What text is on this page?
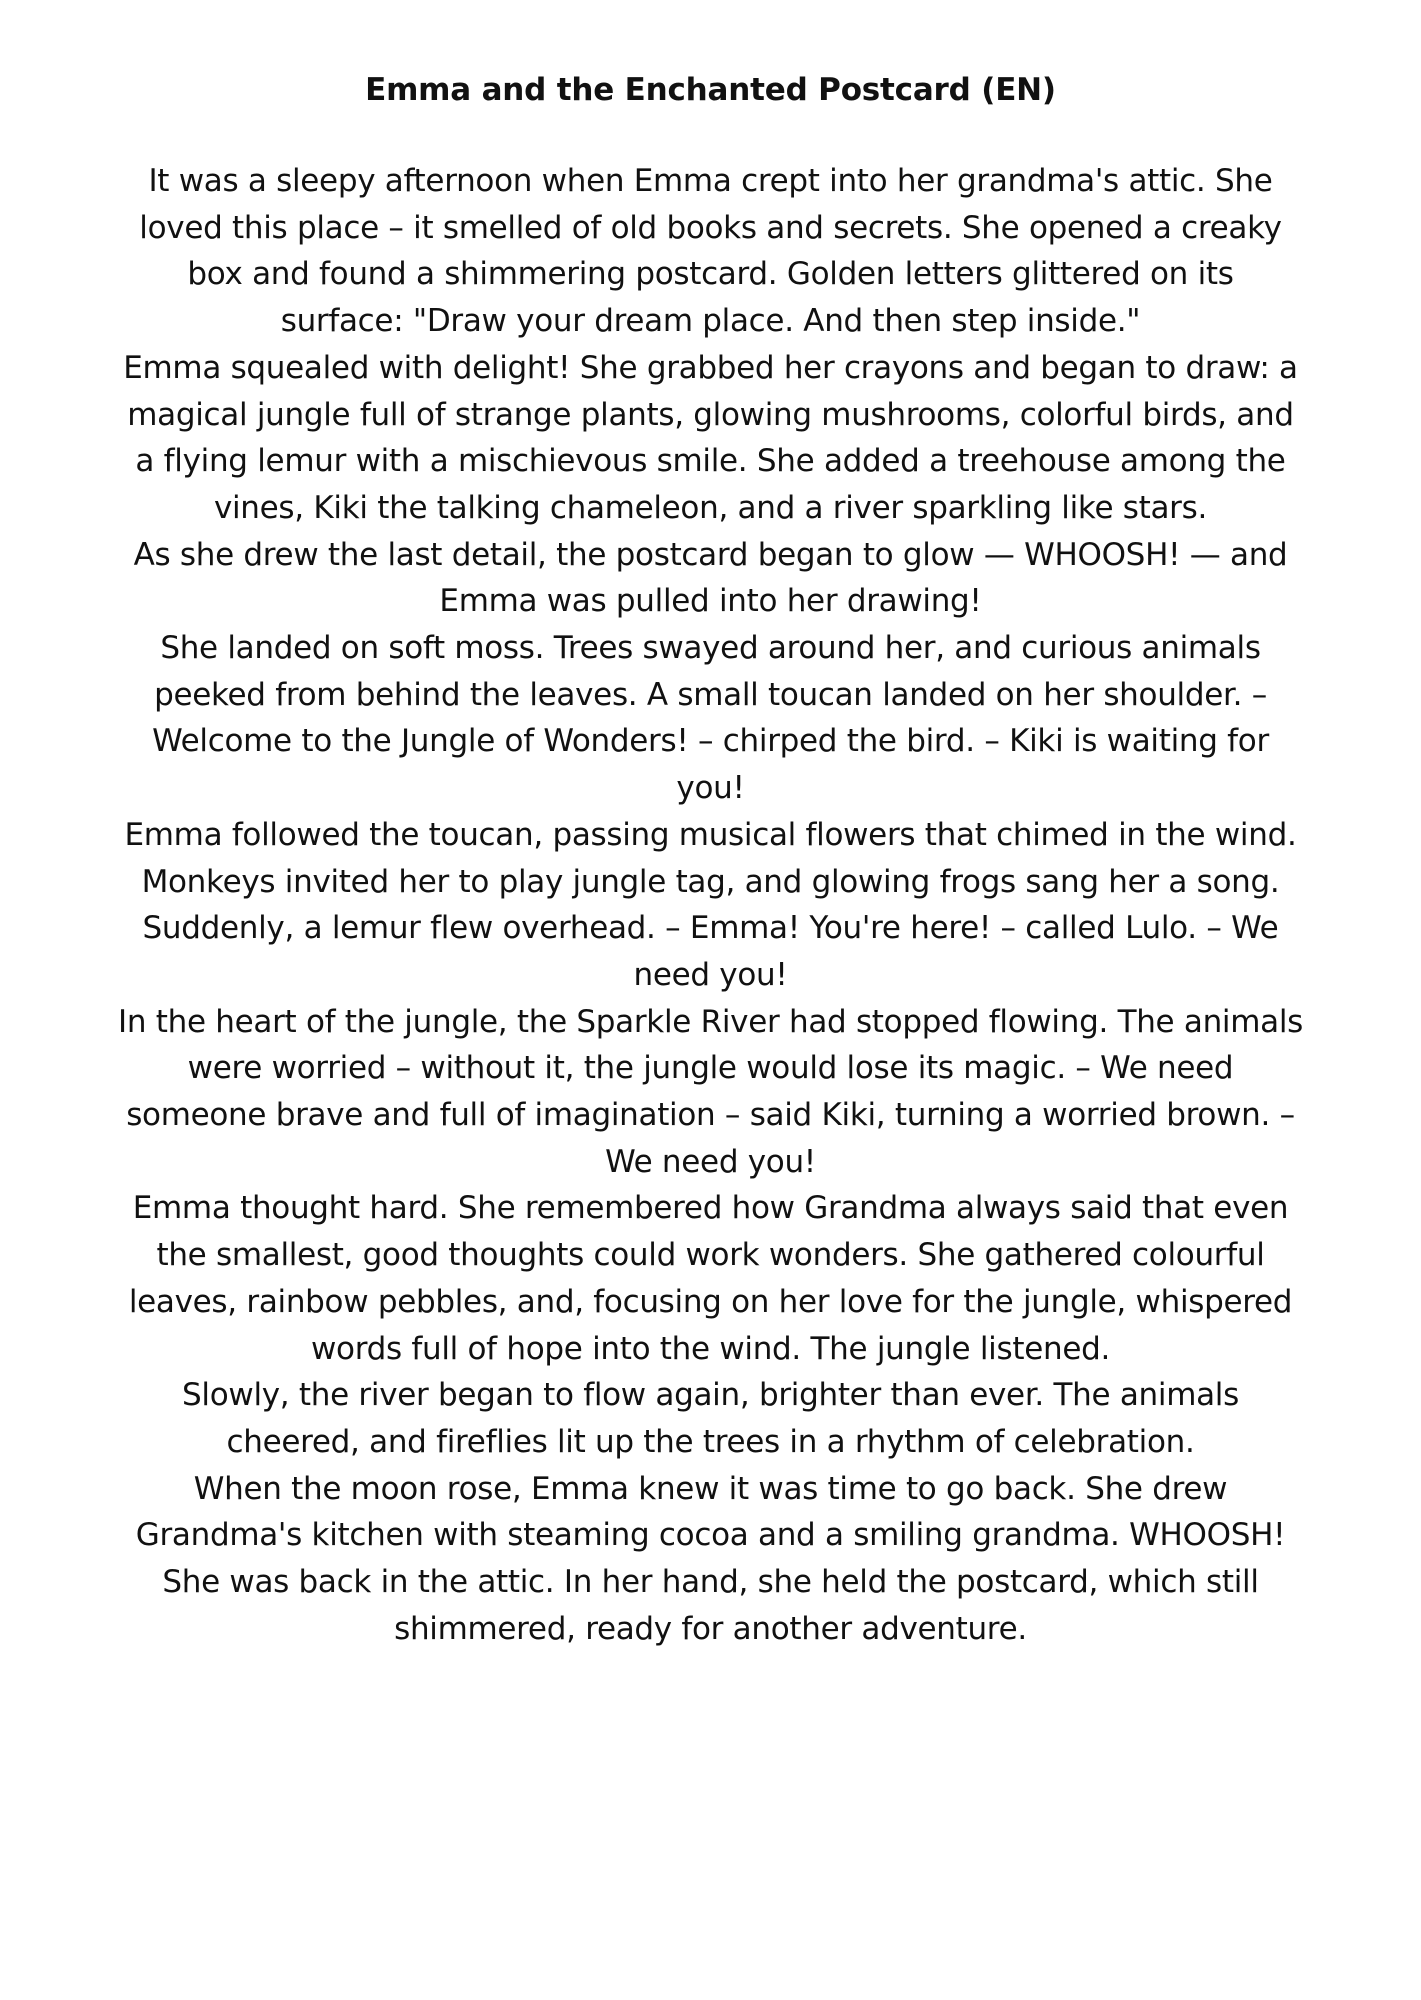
Emma and the Enchanted Postcard (EN)

It was a sleepy afternoon when Emma crept into her grandma's attic. She
loved this place – it smelled of old books and secrets. She opened a creaky
box and found a shimmering postcard. Golden letters glittered on its
surface: "Draw your dream place. And then step inside."

Emma squealed with delight! She grabbed her crayons and began to draw: a
magical jungle full of strange plants, glowing mushrooms, colorful birds, and
a flying lemur with a mischievous smile. She added a treehouse among the
vines, Kiki the talking chameleon, and a river sparkling like stars.

As she drew the last detail, the postcard began to glow — WHOOSH! — and
Emma was pulled into her drawing!

She landed on soft moss. Trees swayed around her, and curious animals
peeked from behind the leaves. A small toucan landed on her shoulder. –
Welcome to the Jungle of Wonders! – chirped the bird. – Kiki is waiting for
you!

Emma followed the toucan, passing musical flowers that chimed in the wind.
Monkeys invited her to play jungle tag, and glowing frogs sang her a song.
Suddenly, a lemur flew overhead. – Emma! You're here! – called Lulo. – We
need you!

In the heart of the jungle, the Sparkle River had stopped flowing. The animals
were worried – without it, the jungle would lose its magic. – We need
someone brave and full of imagination – said Kiki, turning a worried brown. –
We need you!

Emma thought hard. She remembered how Grandma always said that even
the smallest, good thoughts could work wonders. She gathered colourful
leaves, rainbow pebbles, and, focusing on her love for the jungle, whispered
words full of hope into the wind. The jungle listened.

Slowly, the river began to flow again, brighter than ever. The animals
cheered, and fireflies lit up the trees in a rhythm of celebration.

When the moon rose, Emma knew it was time to go back. She drew
Grandma's kitchen with steaming cocoa and a smiling grandma. WHOOSH!
She was back in the attic. In her hand, she held the postcard, which still
shimmered, ready for another adventure.
